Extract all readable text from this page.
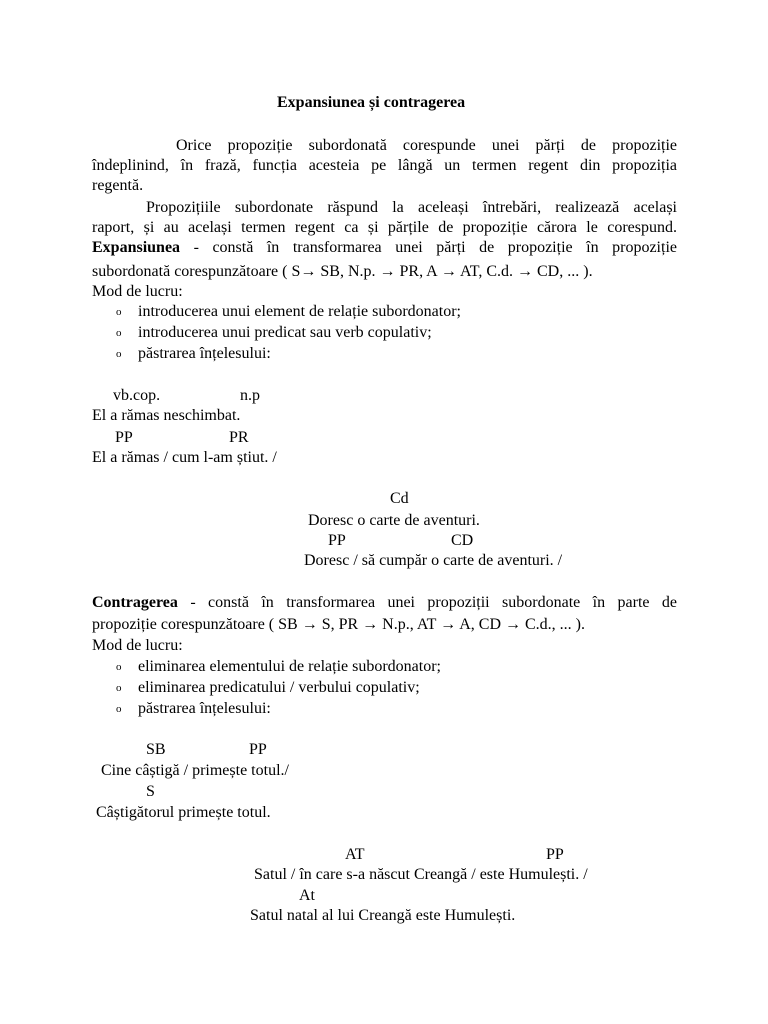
Expansiunea și contragerea
Orice propoziție subordonată corespunde unei părți de propoziție
îndeplinind, în frază, funcția acesteia pe lângă un termen regent din propoziția
regentă.
Propozițiile subordonate răspund la aceleași întrebări, realizează același
raport, și au același termen regent ca și părțile de propoziție cărora le corespund.
Expansiunea - constă în transformarea unei părți de propoziție în propoziție
subordonată corespunzătoare ( S→ SB, N.p. → PR, A → AT, C.d. → CD, ... ).
Mod de lucru:
o introducerea unui element de relație subordonator;
o introducerea unui predicat sau verb copulativ;
o păstrarea înțelesului:
vb.cop.	n.p
El a rămas neschimbat.
PP	PR
El a rămas / cum l-am știut. /
Cd
Doresc o carte de aventuri.
PP	CD
Doresc / să cumpăr o carte de aventuri. /
Contragerea - constă în transformarea unei propoziții subordonate în parte de
propoziție corespunzătoare ( SB → S, PR → N.p., AT → A, CD → C.d., ... ).
Mod de lucru:
o eliminarea elementului de relație subordonator;
o eliminarea predicatului / verbului copulativ;
o păstrarea înțelesului:
SB	PP
Cine câștigă / primește totul./
S
Câștigătorul primește totul.
AT	PP
Satul / în care s-a născut Creangă / este Humulești. /
At
Satul natal al lui Creangă este Humulești.
